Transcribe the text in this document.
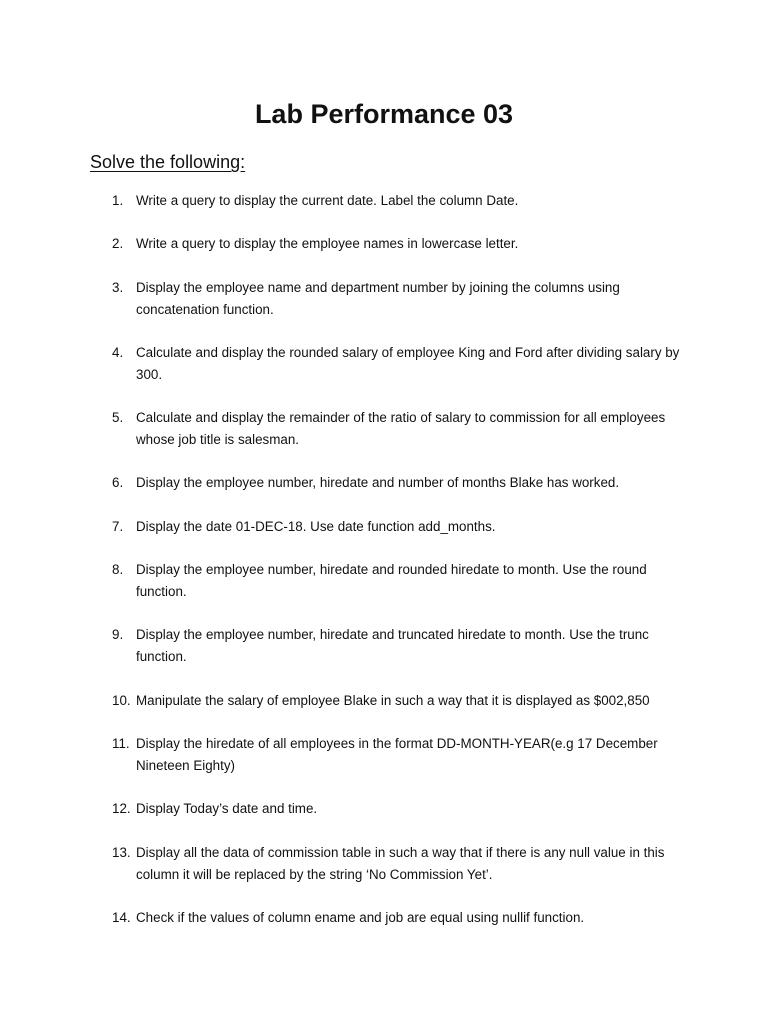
Lab Performance 03
Solve the following:
1. Write a query to display the current date. Label the column Date.
2. Write a query to display the employee names in lowercase letter.
3. Display the employee name and department number by joining the columns using concatenation function.
4. Calculate and display the rounded salary of employee King and Ford after dividing salary by 300.
5. Calculate and display the remainder of the ratio of salary to commission for all employees whose job title is salesman.
6. Display the employee number, hiredate and number of months Blake has worked.
7. Display the date 01-DEC-18. Use date function add_months.
8. Display the employee number, hiredate and rounded hiredate to month. Use the round function.
9. Display the employee number, hiredate and truncated hiredate to month. Use the trunc function.
10. Manipulate the salary of employee Blake in such a way that it is displayed as $002,850
11. Display the hiredate of all employees in the format DD-MONTH-YEAR(e.g 17 December Nineteen Eighty)
12. Display Today’s date and time.
13. Display all the data of commission table in such a way that if there is any null value in this column it will be replaced by the string ‘No Commission Yet’.
14. Check if the values of column ename and job are equal using nullif function.
